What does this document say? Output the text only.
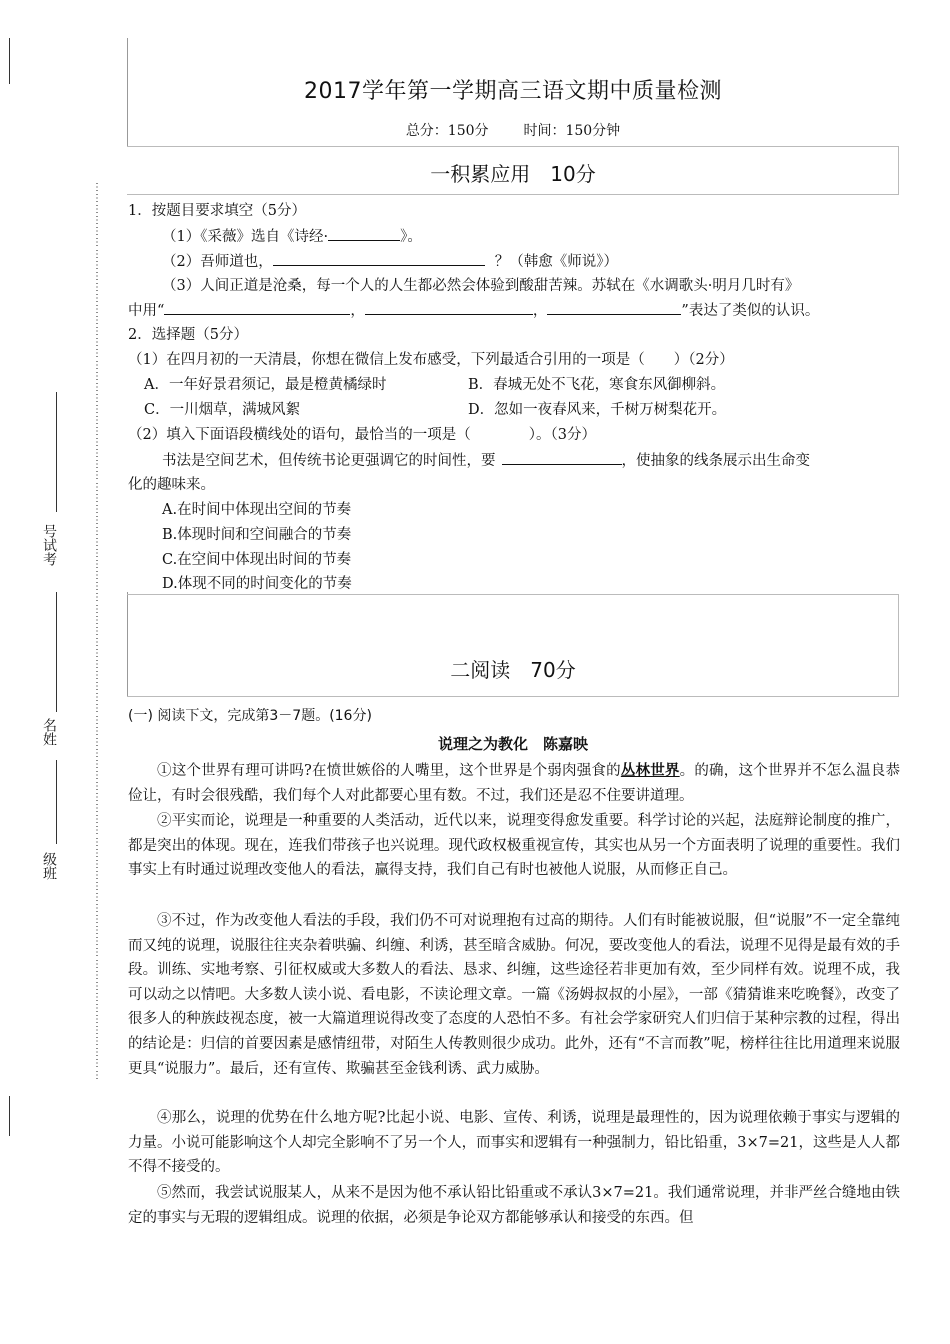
⋮
⋮
⋮
⋮
⋮
⋮
⋮
⋮
⋮
⋮
⋮
⋮
⋮
⋮
⋮
⋮
⋮
⋮
⋮
⋮
⋮
⋮
⋮
⋮
⋮
⋮
⋮
⋮
⋮
⋮
⋮
⋮
⋮
⋮
⋮
⋮
⋮
⋮
⋮
⋮
⋮
⋮
⋮
⋮
⋮
⋮
⋮
⋮
⋮
⋮
⋮
⋮
⋮
⋮
⋮
⋮
⋮
⋮
⋮
⋮
⋮
⋮
⋮
⋮
⋮
⋮
⋮
⋮
⋮
⋮
⋮
⋮
⋮
⋮
⋮
⋮
⋮
⋮
⋮
⋮
⋮
号试考
名姓
级班
2017学年第一学期高三语文期中质量检测
总分：150分 时间：150分钟
一积累应用　10分
1．按题目要求填空（5分）
（1）《采薇》选自《诗经·	》。
（2）吾师道也，	？（韩愈《师说》）
（3）人间正道是沧桑，每一个人的人生都必然会体验到酸甜苦辣。苏轼在《水调歌头·明月几时有》
中用“	，	，	”表达了类似的认识。
2．选择题（5分）
（1）在四月初的一天清晨，你想在微信上发布感受，下列最适合引用的一项是（　　）（2分）
A．一年好景君须记，最是橙黄橘绿时	B．春城无处不飞花，寒食东风御柳斜。
C．一川烟草，满城风絮	D．忽如一夜春风来，千树万树梨花开。
（2）填入下面语段横线处的语句，最恰当的一项是（　　　　）。（3分）
书法是空间艺术，但传统书论更强调它的时间性，要	，使抽象的线条展示出生命变
化的趣味来。
A.在时间中体现出空间的节奏
B.体现时间和空间融合的节奏
C.在空间中体现出时间的节奏
D.体现不同的时间变化的节奏
二阅读　70分
(一) 阅读下文，完成第3－7题。(16分)
说理之为教化　陈嘉映
①这个世界有理可讲吗?在愤世嫉俗的人嘴里，这个世界是个弱肉强食的丛林世界。的确，这个世界并不怎么温良恭俭让，有时会很残酷，我们每个人对此都要心里有数。不过，我们还是忍不住要讲道理。
②平实而论，说理是一种重要的人类活动，近代以来，说理变得愈发重要。科学讨论的兴起，法庭辩论制度的推广，都是突出的体现。现在，连我们带孩子也兴说理。现代政权极重视宣传，其实也从另一个方面表明了说理的重要性。我们事实上有时通过说理改变他人的看法，赢得支持，我们自己有时也被他人说服，从而修正自己。
③不过，作为改变他人看法的手段，我们仍不可对说理抱有过高的期待。人们有时能被说服，但“说服”不一定全靠纯而又纯的说理，说服往往夹杂着哄骗、纠缠、利诱，甚至暗含威胁。何况，要改变他人的看法，说理不见得是最有效的手段。训练、实地考察、引征权威或大多数人的看法、恳求、纠缠，这些途径若非更加有效，至少同样有效。说理不成，我可以动之以情吧。大多数人读小说、看电影，不读论理文章。一篇《汤姆叔叔的小屋》，一部《猜猜谁来吃晚餐》，改变了很多人的种族歧视态度，被一大篇道理说得改变了态度的人恐怕不多。有社会学家研究人们归信于某种宗教的过程，得出的结论是：归信的首要因素是感情纽带，对陌生人传教则很少成功。此外，还有“不言而教”呢，榜样往往比用道理来说服更具“说服力”。最后，还有宣传、欺骗甚至金钱利诱、武力威胁。
④那么，说理的优势在什么地方呢?比起小说、电影、宣传、利诱，说理是最理性的，因为说理依赖于事实与逻辑的力量。小说可能影响这个人却完全影响不了另一个人，而事实和逻辑有一种强制力，铅比铅重，3×7=21，这些是人人都不得不接受的。
⑤然而，我尝试说服某人，从来不是因为他不承认铅比铅重或不承认3×7=21。我们通常说理，并非严丝合缝地由铁定的事实与无瑕的逻辑组成。说理的依据，必须是争论双方都能够承认和接受的东西。但
